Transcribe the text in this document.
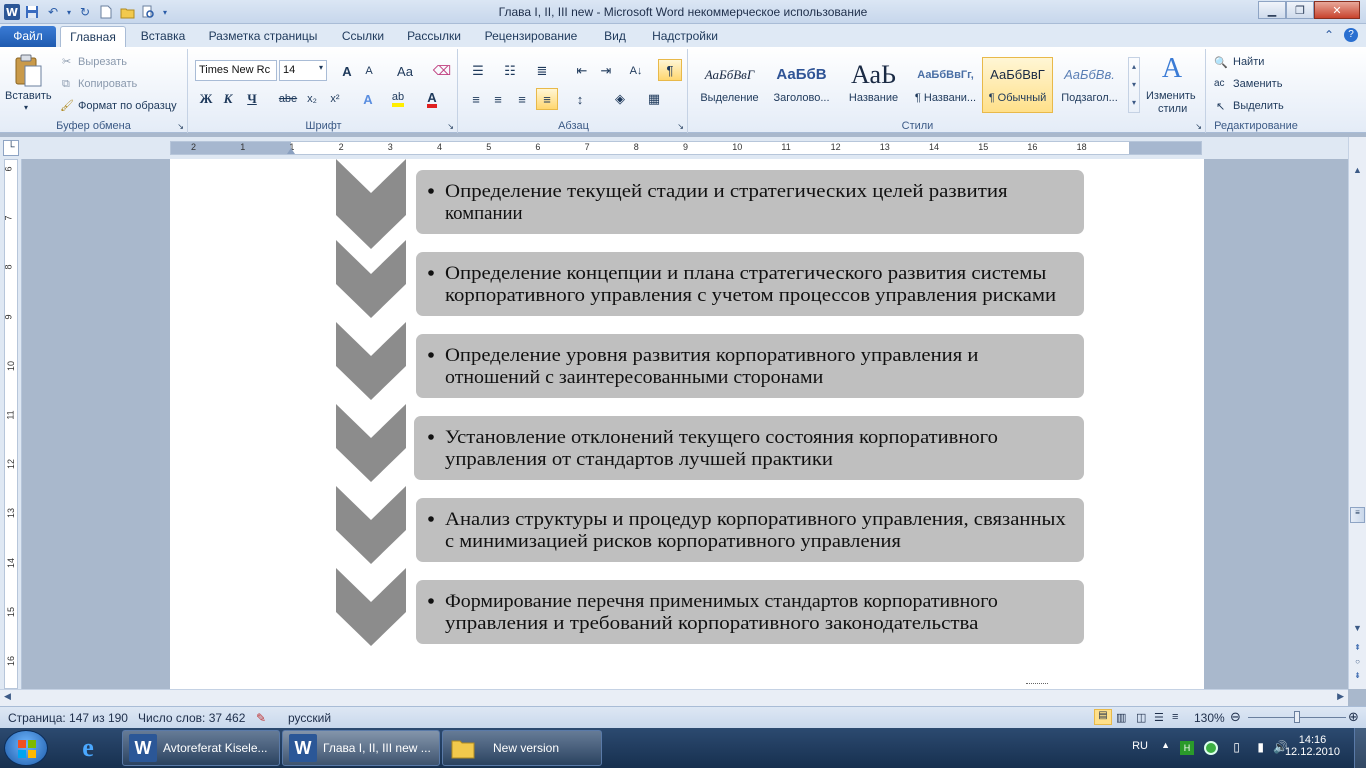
W	↶	▾ ↻	▾	Глава I, II, III new - Microsoft Word некоммерческое использование	▁	❐	✕
Файл	Главная	Вставка	Разметка страницы	Ссылки	Рассылки	Рецензирование	Вид	Надстройки	⌃	?
Вставить
▾
✂ Вырезать
⧉ Копировать
🖌 Формат по образцу
Буфер обмена	↘
Times New Rc	14	▾	A	A	Aa	⌫
Ж К	Ч	abe x₂	x²	A	ab A
Шрифт	↘
☰	☷	≣	⇤	⇥	A↓	¶
≡	≡	≡	≡	↕	◈	▦
Абзац	↘
АаБбВвГ
Выделение
АаБбВ
Заголово...
АаЬ
Название
АаБбВвГг,
¶ Названи...
АаБбВвГ
¶ Обычный
АаБбВв.
Подзагол...
▴
▾
▾
A
Изменить
стили
Стили	↘
🔍 Найти
ac Заменить
↖ Выделить
Редактирование
└	2	1	1	2	3	4	5	6	7	8	9	10	11	12	13	14	15	16	18
6
7
8
9
10
11
12
13
14
15
16
Определение текущей стадии и стратегических целей развития
компании
Определение концепции и плана стратегического развития системы
корпоративного управления с учетом процессов управления рисками
Определение уровня развития корпоративного управления и
отношений с заинтересованными сторонами
Установление отклонений текущего состояния корпоративного
управления от стандартов лучшей практики
Анализ структуры и процедур корпоративного управления, связанных
с минимизацией рисков корпоративного управления
Формирование перечня применимых стандартов корпоративного
управления и требований корпоративного законодательства
▲
≡
▼
⇞
○
⇟
◀	▶
Страница: 147 из 190 Число слов: 37 462 ✎ русский	▤ ▥ ◫ ☰ ≡ 130% ⊖	⊕
e	W Avtoreferat Kisele...	W Глава I, II, III new ...	New version	RU ▲	H	▯ ▮ 🔊 14:16
12.12.2010
